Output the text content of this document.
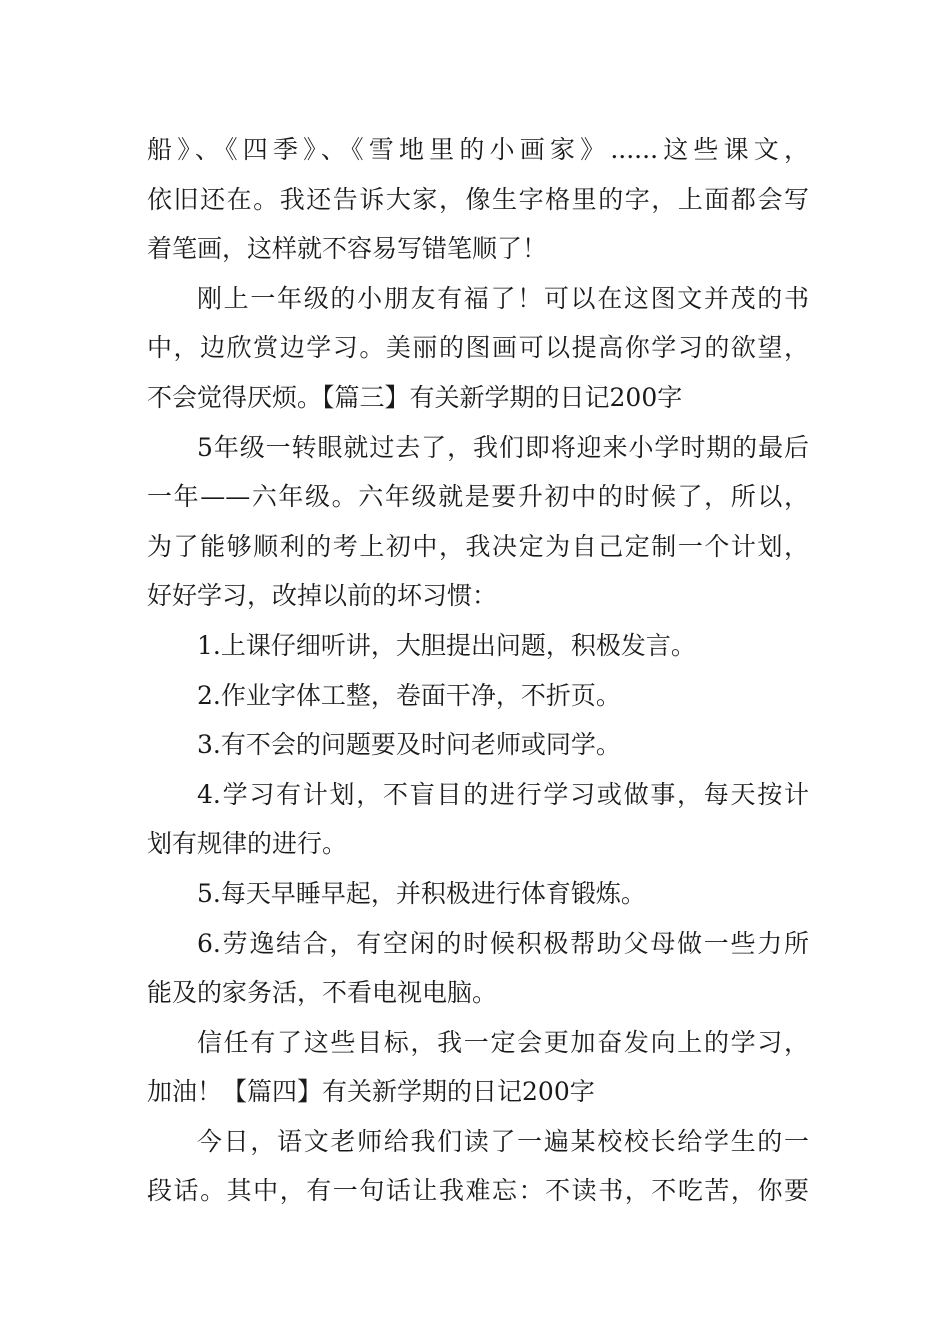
船》、《四季》、《雪地里的小画家》......这些课文，
依旧还在。我还告诉大家，像生字格里的字，上面都会写
着笔画，这样就不容易写错笔顺了！
刚上一年级的小朋友有福了！可以在这图文并茂的书
中，边欣赏边学习。美丽的图画可以提高你学习的欲望，
不会觉得厌烦。【篇三】有关新学期的日记200字
5年级一转眼就过去了，我们即将迎来小学时期的最后
一年——六年级。六年级就是要升初中的时候了，所以，
为了能够顺利的考上初中，我决定为自己定制一个计划，
好好学习，改掉以前的坏习惯：
1.上课仔细听讲，大胆提出问题，积极发言。
2.作业字体工整，卷面干净，不折页。
3.有不会的问题要及时问老师或同学。
4.学习有计划，不盲目的进行学习或做事，每天按计
划有规律的进行。
5.每天早睡早起，并积极进行体育锻炼。
6.劳逸结合，有空闲的时候积极帮助父母做一些力所
能及的家务活，不看电视电脑。
信任有了这些目标，我一定会更加奋发向上的学习，
加油！【篇四】有关新学期的日记200字
今日，语文老师给我们读了一遍某校校长给学生的一
段话。其中，有一句话让我难忘：不读书，不吃苦，你要
